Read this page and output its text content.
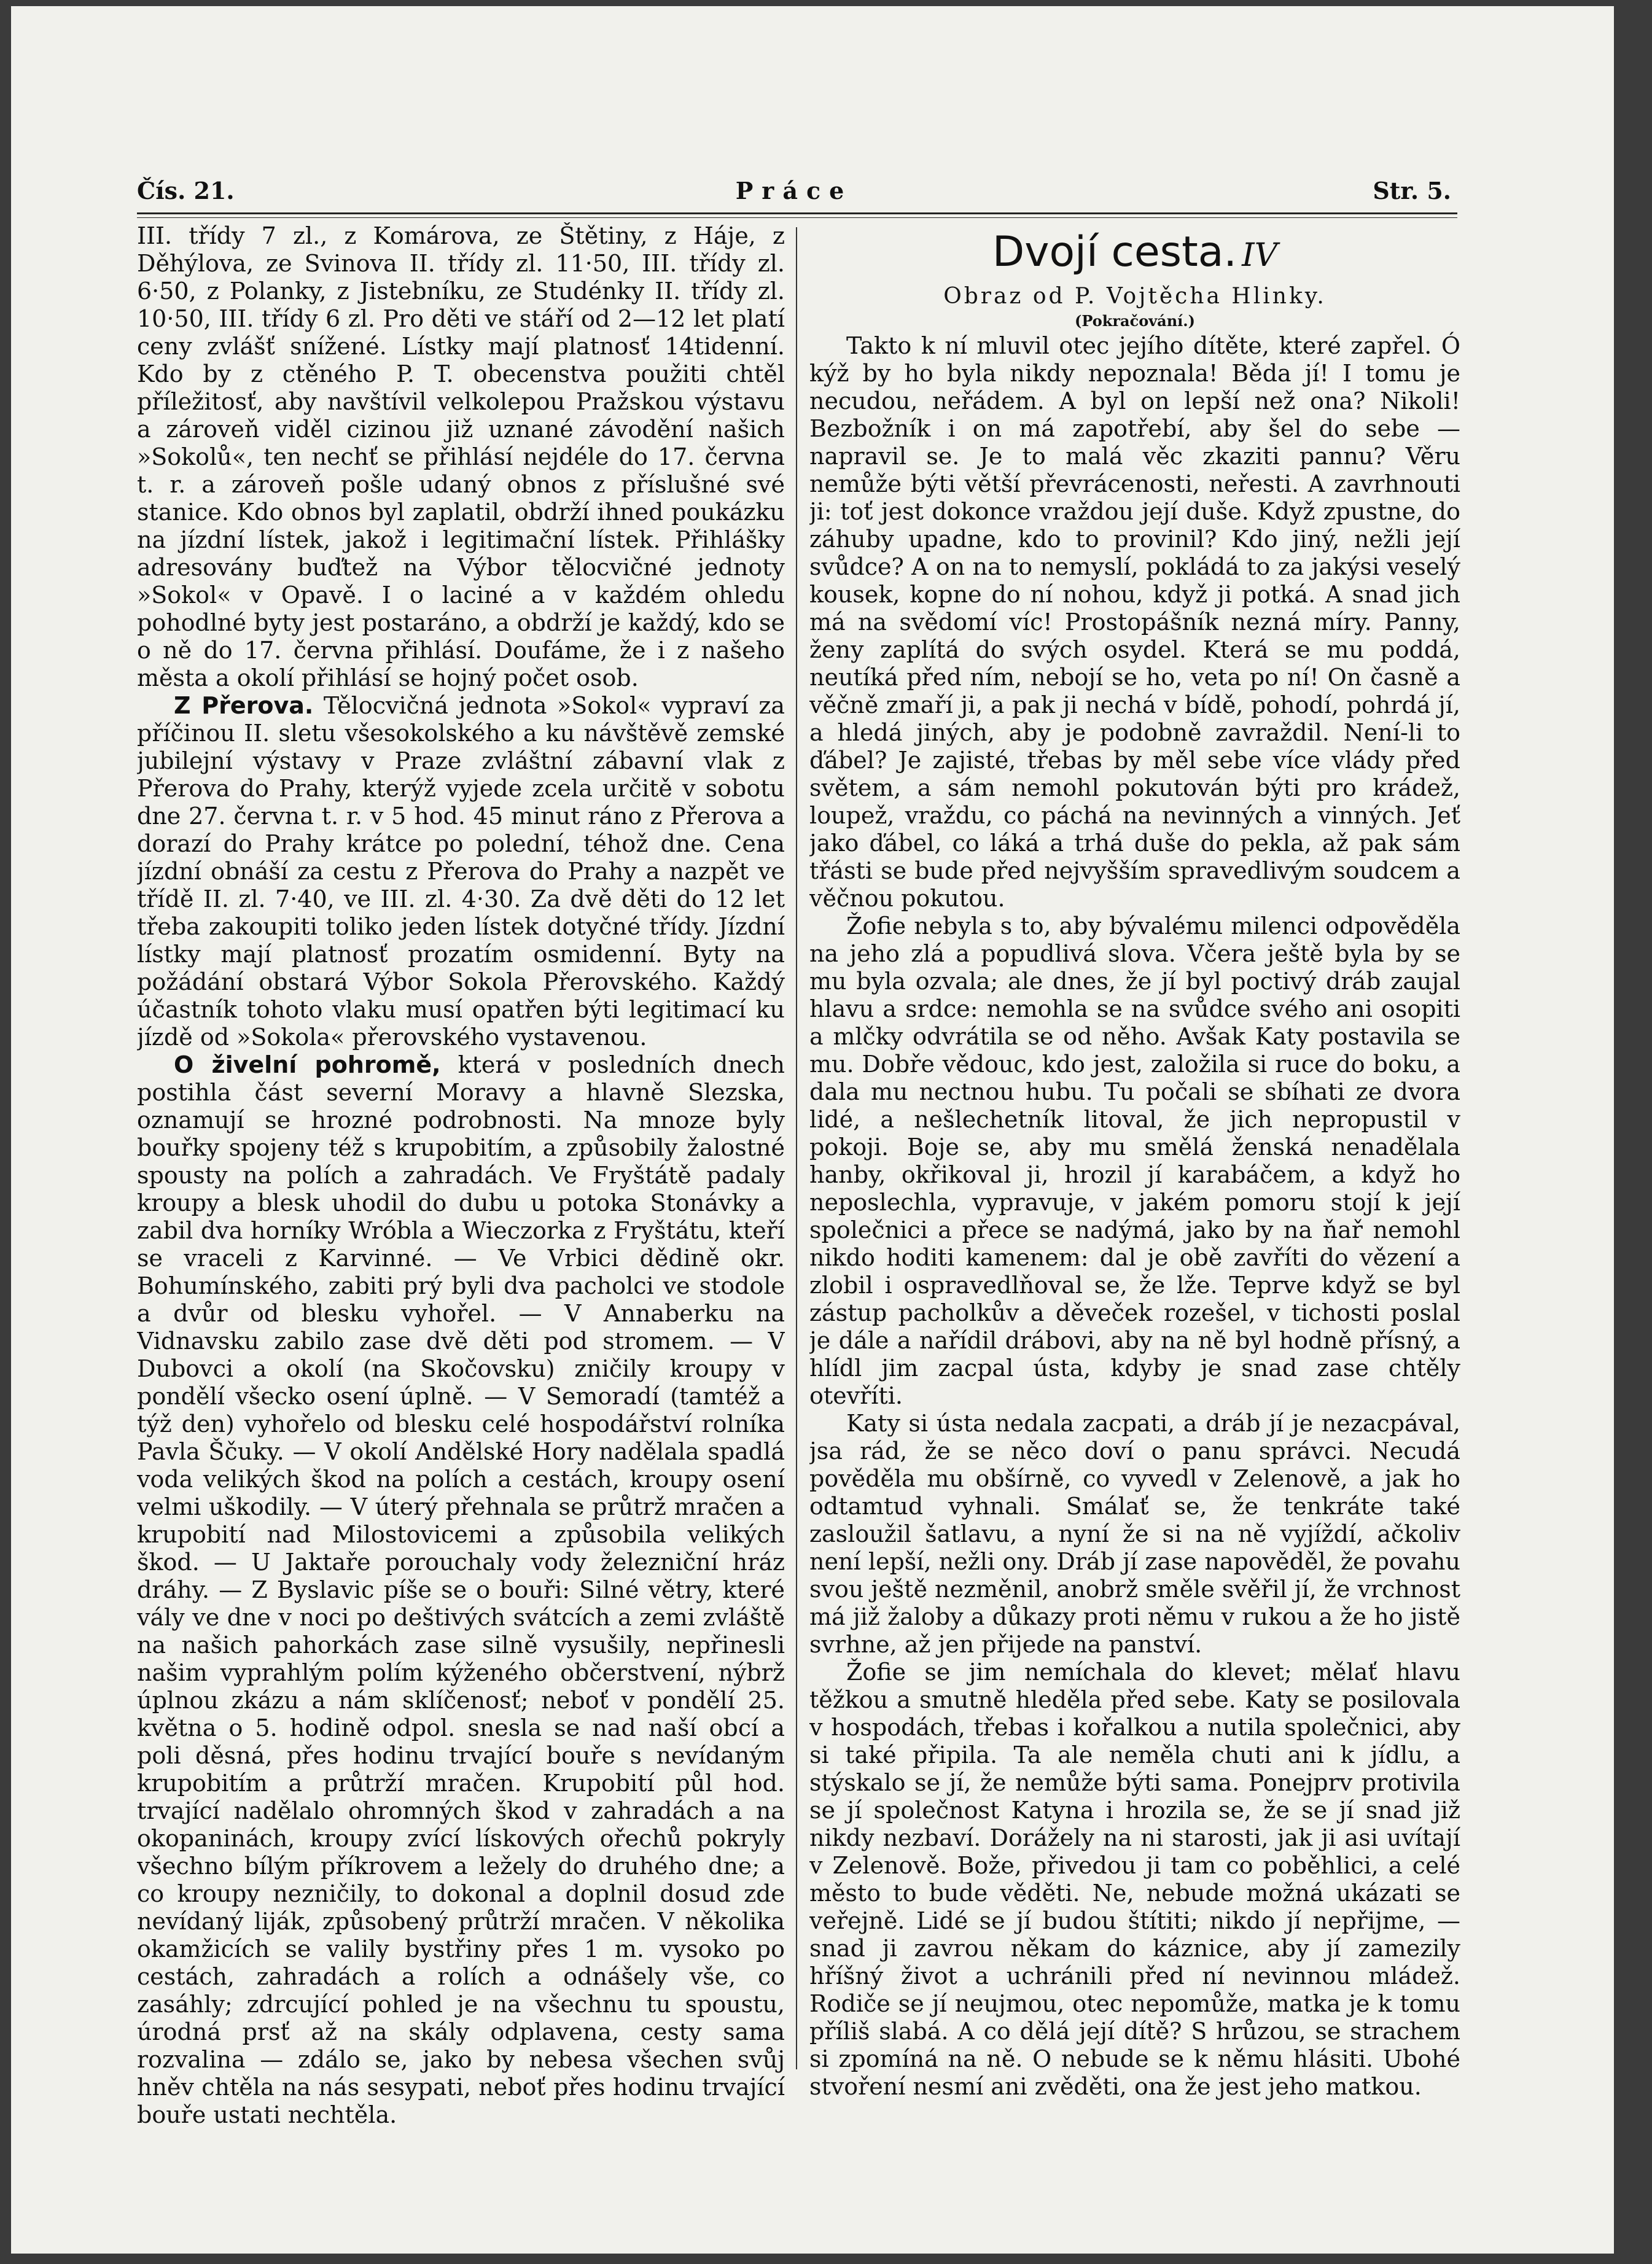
Práce
Čís. 21.	Str. 5.

III. třídy 7 zl., z Komárova, ze Štětiny, z Háje, z Děhýlova, ze Svinova II. třídy zl. 11·50, III. třídy zl. 6·50, z Polanky, z Jistebníku, ze Studénky II. třídy zl. 10·50, III. třídy 6 zl. Pro děti ve stáří od 2—12 let platí ceny zvlášť snížené. Lístky mají platnosť 14tidenní. Kdo by z ctěného P. T. obecenstva použiti chtěl příležitosť, aby navštívil velkolepou Pražskou výstavu a zároveň viděl cizinou již uznané závodění našich »Sokolů«, ten nechť se přihlásí nejdéle do 17. června t. r. a zároveň pošle udaný obnos z příslušné své stanice. Kdo obnos byl zaplatil, obdrží ihned poukázku na jízdní lístek, jakož i legitimační lístek. Přihlášky adresovány buďtež na Výbor tělocvičné jednoty »Sokol« v Opavě. I o laciné a v každém ohledu pohodlné byty jest postaráno, a obdrží je každý, kdo se o ně do 17. června přihlásí. Doufáme, že i z našeho města a okolí přihlásí se hojný počet osob.

Z Přerova. Tělocvičná jednota »Sokol« vypraví za příčinou II. sletu všesokolského a ku návštěvě zemské jubilejní výstavy v Praze zvláštní zábavní vlak z Přerova do Prahy, kterýž vyjede zcela určitě v sobotu dne 27. června t. r. v 5 hod. 45 minut ráno z Přerova a dorazí do Prahy krátce po polední, téhož dne. Cena jízdní obnáší za cestu z Přerova do Prahy a nazpět ve třídě II. zl. 7·40, ve III. zl. 4·30. Za dvě děti do 12 let třeba zakoupiti toliko jeden lístek dotyčné třídy. Jízdní lístky mají platnosť prozatím osmidenní. Byty na požádání obstará Výbor Sokola Přerovského. Každý účastník tohoto vlaku musí opatřen býti legitimací ku jízdě od »Sokola« přerovského vystavenou.

O živelní pohromě, která v posledních dnech postihla část severní Moravy a hlavně Slezska, oznamují se hrozné podrobnosti. Na mnoze byly bouřky spojeny též s krupobitím, a způsobily žalostné spousty na polích a zahradách. Ve Fryštátě padaly kroupy a blesk uhodil do dubu u potoka Stonávky a zabil dva horníky Wróbla a Wieczorka z Fryštátu, kteří se vraceli z Karvinné. — Ve Vrbici dědině okr. Bohumínského, zabiti prý byli dva pacholci ve stodole a dvůr od blesku vyhořel. — V Annaberku na Vidnavsku zabilo zase dvě děti pod stromem. — V Dubovci a okolí (na Skočovsku) zničily kroupy v pondělí všecko osení úplně. — V Semoradí (tamtéž a týž den) vyhořelo od blesku celé hospodářství rolníka Pavla Ščuky. — V okolí Andělské Hory nadělala spadlá voda velikých škod na polích a cestách, kroupy osení velmi uškodily. — V úterý přehnala se průtrž mračen a krupobití nad Milostovicemi a způsobila velikých škod. — U Jaktaře porouchaly vody železniční hráz dráhy. — Z Byslavic píše se o bouři: Silné větry, které vály ve dne v noci po deštivých svátcích a zemi zvláště na našich pahorkách zase silně vysušily, nepřinesli našim vyprahlým polím kýženého občerstvení, nýbrž úplnou zkázu a nám sklíčenosť; neboť v pondělí 25. května o 5. hodině odpol. snesla se nad naší obcí a poli děsná, přes hodinu trvající bouře s nevídaným krupobitím a průtrží mračen. Krupobití půl hod. trvající nadělalo ohromných škod v zahradách a na okopaninách, kroupy zvící lískových ořechů pokryly všechno bílým příkrovem a ležely do druhého dne; a co kroupy nezničily, to dokonal a doplnil dosud zde nevídaný liják, způsobený průtrží mračen. V několika okamžicích se valily bystřiny přes 1 m. vysoko po cestách, zahradách a rolích a odnášely vše, co zasáhly; zdrcující pohled je na všechnu tu spoustu, úrodná prsť až na skály odplavena, cesty sama rozvalina — zdálo se, jako by nebesa všechen svůj hněv chtěla na nás sesypati, neboť přes hodinu trvající bouře ustati nechtěla.

Dvojí cesta. IV
Obraz od P. Vojtěcha Hlinky.
(Pokračování.)

Takto k ní mluvil otec jejího dítěte, které zapřel. Ó kýž by ho byla nikdy nepoznala! Běda jí! I tomu je necudou, neřádem. A byl on lepší než ona? Nikoli! Bezbožník i on má zapotřebí, aby šel do sebe — napravil se. Je to malá věc zkaziti pannu? Věru nemůže býti větší převrácenosti, neřesti. A zavrhnouti ji: toť jest dokonce vraždou její duše. Když zpustne, do záhuby upadne, kdo to provinil? Kdo jiný, nežli její svůdce? A on na to nemyslí, pokládá to za jakýsi veselý kousek, kopne do ní nohou, když ji potká. A snad jich má na svědomí víc! Prostopášník nezná míry. Panny, ženy zaplítá do svých osydel. Která se mu poddá, neutíká před ním, nebojí se ho, veta po ní! On časně a věčně zmaří ji, a pak ji nechá v bídě, pohodí, pohrdá jí, a hledá jiných, aby je podobně zavraždil. Není-li to ďábel? Je zajisté, třebas by měl sebe více vlády před světem, a sám nemohl pokutován býti pro krádež, loupež, vraždu, co páchá na nevinných a vinných. Jeť jako ďábel, co láká a trhá duše do pekla, až pak sám třásti se bude před nejvyšším spravedlivým soudcem a věčnou pokutou.

Žofie nebyla s to, aby bývalému milenci odpověděla na jeho zlá a popudlivá slova. Včera ještě byla by se mu byla ozvala; ale dnes, že jí byl poctivý dráb zaujal hlavu a srdce: nemohla se na svůdce svého ani osopiti a mlčky odvrátila se od něho. Avšak Katy postavila se mu. Dobře vědouc, kdo jest, založila si ruce do boku, a dala mu nectnou hubu. Tu počali se sbíhati ze dvora lidé, a nešlechetník litoval, že jich nepropustil v pokoji. Boje se, aby mu smělá ženská nenadělala hanby, okřikoval ji, hrozil jí karabáčem, a když ho neposlechla, vypravuje, v jakém pomoru stojí k její společnici a přece se nadýmá, jako by na ňař nemohl nikdo hoditi kamenem: dal je obě zavříti do vězení a zlobil i ospravedlňoval se, že lže. Teprve když se byl zástup pacholkův a děveček rozešel, v tichosti poslal je dále a nařídil drábovi, aby na ně byl hodně přísný, a hlídl jim zacpal ústa, kdyby je snad zase chtěly otevříti.

Katy si ústa nedala zacpati, a dráb jí je nezacpával, jsa rád, že se něco doví o panu správci. Necudá pověděla mu obšírně, co vyvedl v Zelenově, a jak ho odtamtud vyhnali. Smálať se, že tenkráte také zasloužil šatlavu, a nyní že si na ně vyjíždí, ačkoliv není lepší, nežli ony. Dráb jí zase napověděl, že povahu svou ještě nezměnil, anobrž směle svěřil jí, že vrchnost má již žaloby a důkazy proti němu v rukou a že ho jistě svrhne, až jen přijede na panství.

Žofie se jim nemíchala do klevet; mělať hlavu těžkou a smutně hleděla před sebe. Katy se posilovala v hospodách, třebas i kořalkou a nutila společnici, aby si také připila. Ta ale neměla chuti ani k jídlu, a stýskalo se jí, že nemůže býti sama. Ponejprv protivila se jí společnost Katyna i hrozila se, že se jí snad již nikdy nezbaví. Dorážely na ni starosti, jak ji asi uvítají v Zelenově. Bože, přivedou ji tam co poběhlici, a celé město to bude věděti. Ne, nebude možná ukázati se veřejně. Lidé se jí budou štítiti; nikdo jí nepřijme, — snad ji zavrou někam do káznice, aby jí zamezily hříšný život a uchránili před ní nevinnou mládež. Rodiče se jí neujmou, otec nepomůže, matka je k tomu příliš slabá. A co dělá její dítě? S hrůzou, se strachem si zpomíná na ně. O nebude se k němu hlásiti. Ubohé stvoření nesmí ani zvěděti, ona že jest jeho matkou.
